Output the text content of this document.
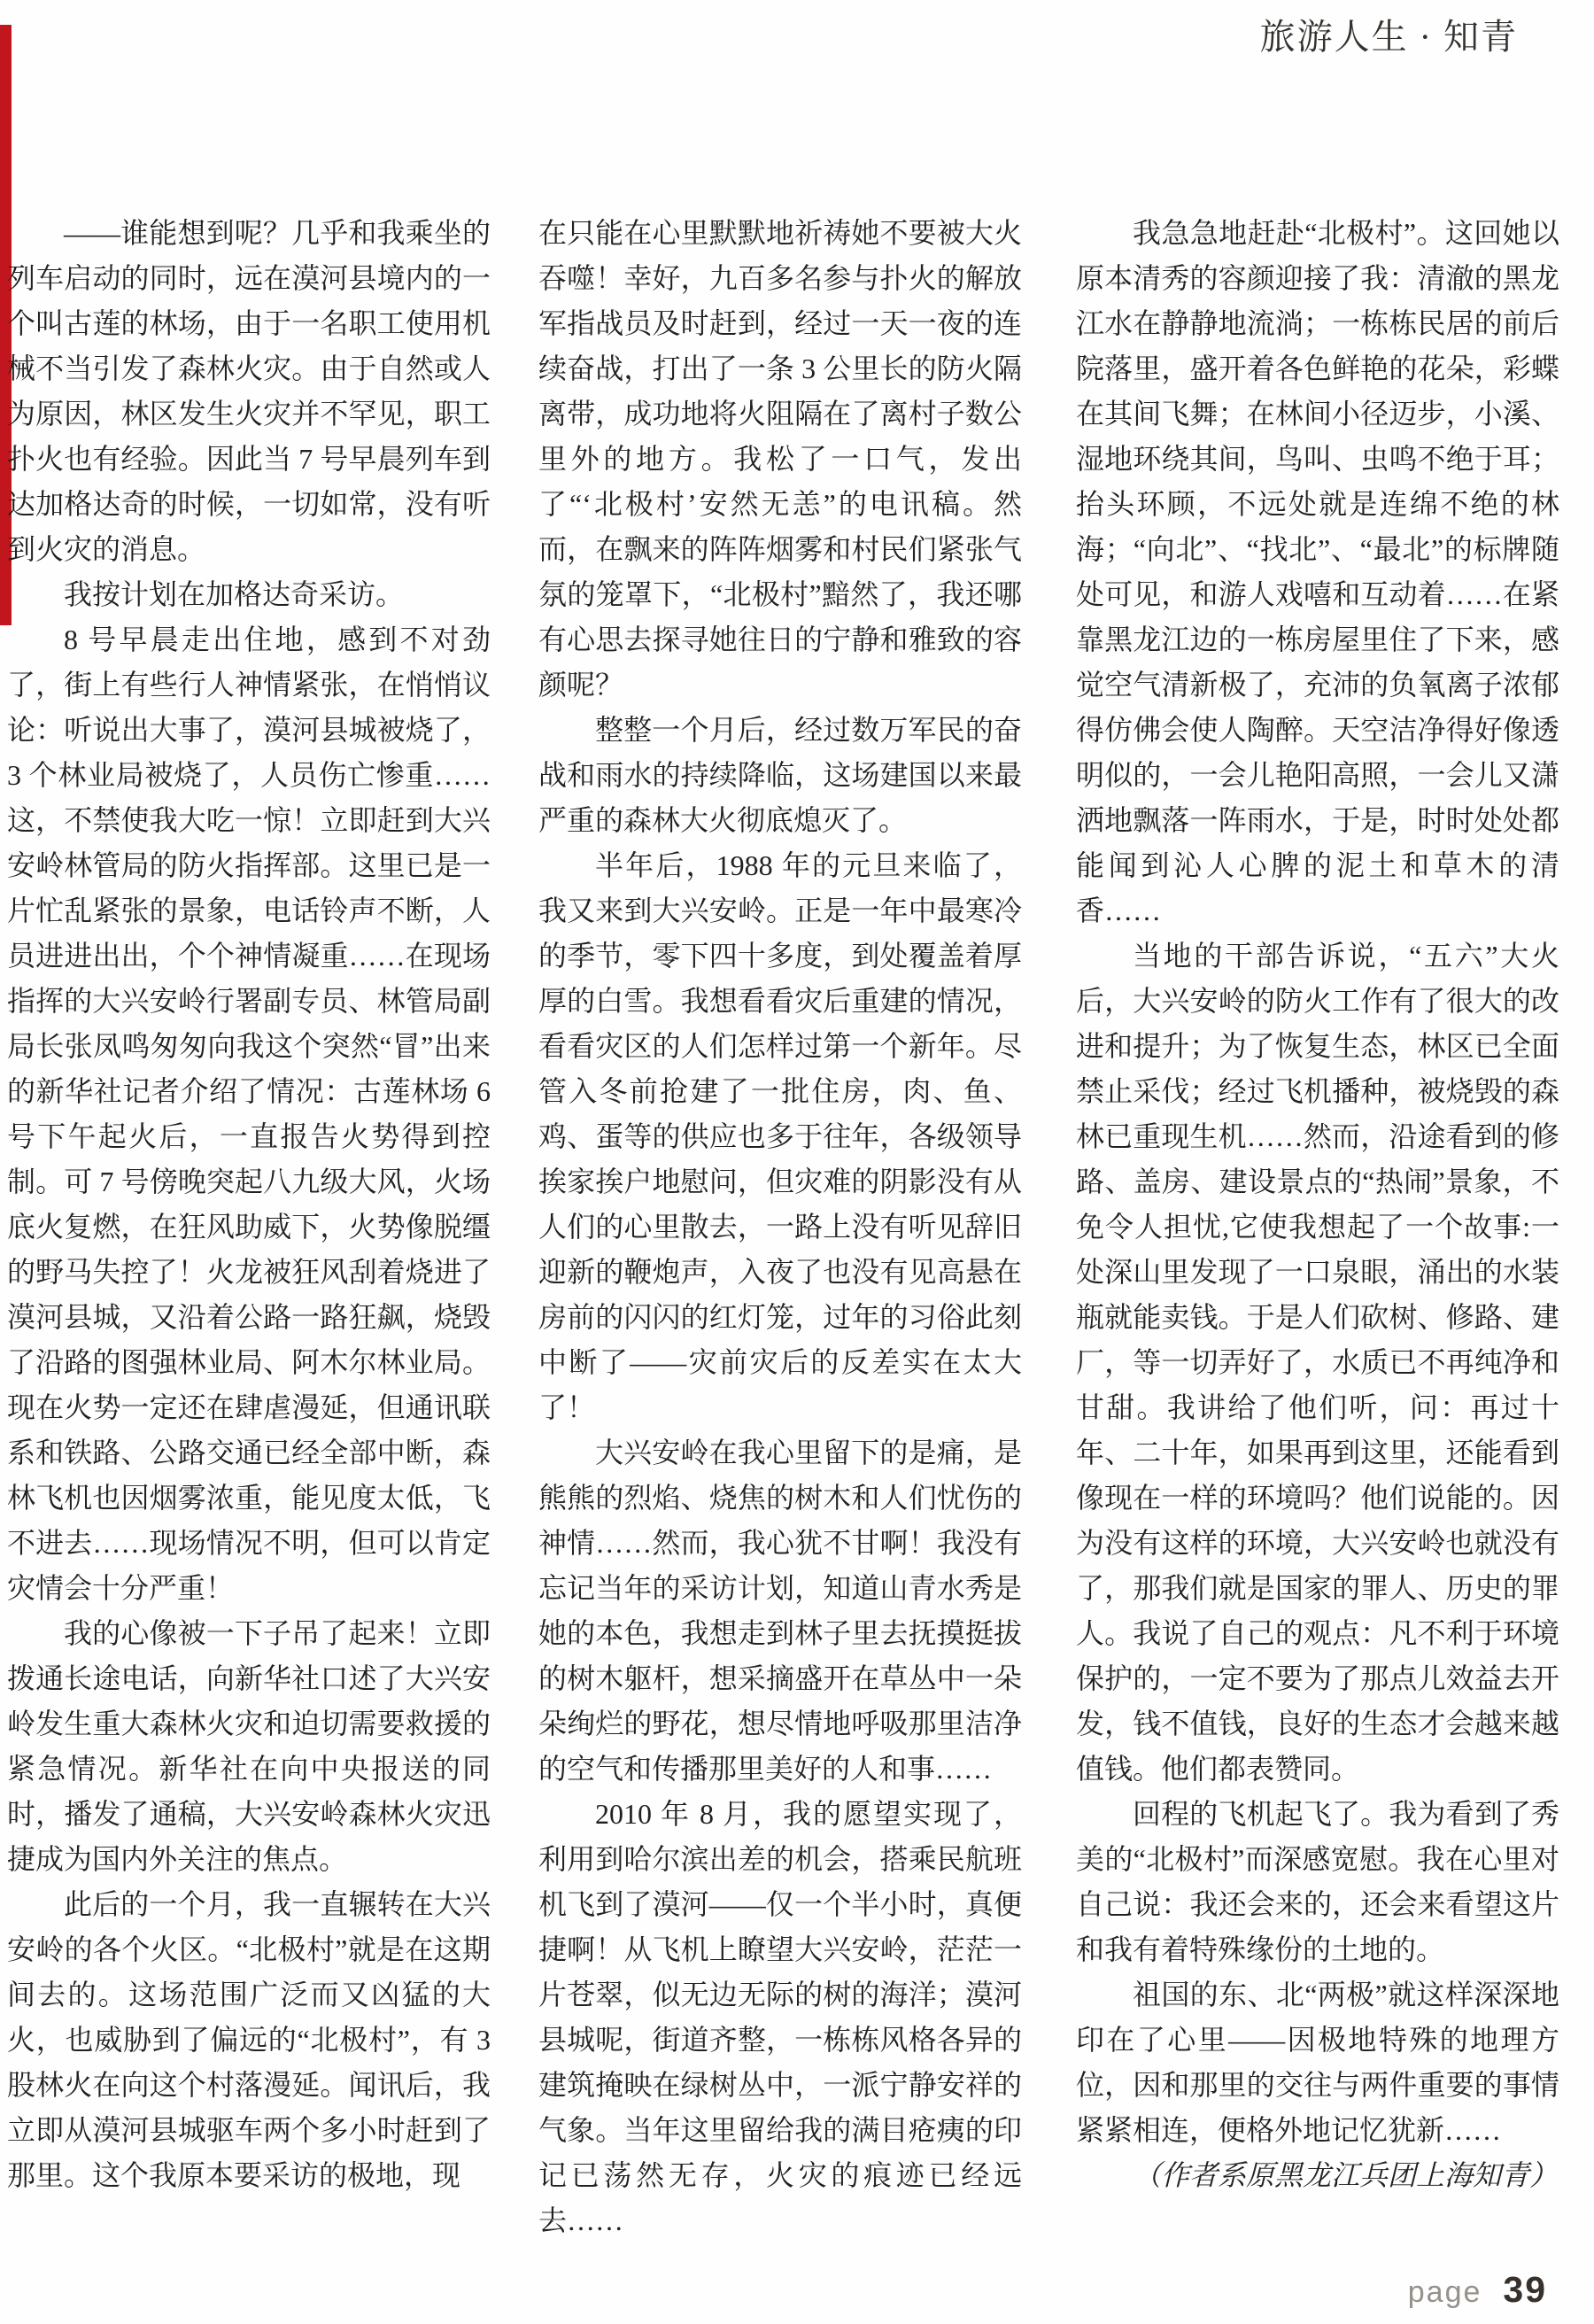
旅游人生 · 知青

——谁能想到呢？几乎和我乘坐的列车启动的同时，远在漠河县境内的一个叫古莲的林场，由于一名职工使用机械不当引发了森林火灾。由于自然或人为原因，林区发生火灾并不罕见，职工扑火也有经验。因此当 7 号早晨列车到达加格达奇的时候，一切如常，没有听到火灾的消息。

我按计划在加格达奇采访。

8 号早晨走出住地，感到不对劲了，街上有些行人神情紧张，在悄悄议论：听说出大事了，漠河县城被烧了，3 个林业局被烧了，人员伤亡惨重……这，不禁使我大吃一惊！立即赶到大兴安岭林管局的防火指挥部。这里已是一片忙乱紧张的景象，电话铃声不断，人员进进出出，个个神情凝重……在现场指挥的大兴安岭行署副专员、林管局副局长张凤鸣匆匆向我这个突然“冒”出来的新华社记者介绍了情况：古莲林场 6 号下午起火后，一直报告火势得到控制。可 7 号傍晚突起八九级大风，火场底火复燃，在狂风助威下，火势像脱缰的野马失控了！火龙被狂风刮着烧进了漠河县城，又沿着公路一路狂飙，烧毁了沿路的图强林业局、阿木尔林业局。现在火势一定还在肆虐漫延，但通讯联系和铁路、公路交通已经全部中断，森林飞机也因烟雾浓重，能见度太低，飞不进去……现场情况不明，但可以肯定灾情会十分严重！

我的心像被一下子吊了起来！立即拨通长途电话，向新华社口述了大兴安岭发生重大森林火灾和迫切需要救援的紧急情况。新华社在向中央报送的同时，播发了通稿，大兴安岭森林火灾迅捷成为国内外关注的焦点。

此后的一个月，我一直辗转在大兴安岭的各个火区。“北极村”就是在这期间去的。这场范围广泛而又凶猛的大火，也威胁到了偏远的“北极村”，有 3 股林火在向这个村落漫延。闻讯后，我立即从漠河县城驱车两个多小时赶到了那里。这个我原本要采访的极地，现

在只能在心里默默地祈祷她不要被大火吞噬！幸好，九百多名参与扑火的解放军指战员及时赶到，经过一天一夜的连续奋战，打出了一条 3 公里长的防火隔离带，成功地将火阻隔在了离村子数公里外的地方。我松了一口气，发出了“‘北极村’安然无恙”的电讯稿。然而，在飘来的阵阵烟雾和村民们紧张气氛的笼罩下，“北极村”黯然了，我还哪有心思去探寻她往日的宁静和雅致的容颜呢？

整整一个月后，经过数万军民的奋战和雨水的持续降临，这场建国以来最严重的森林大火彻底熄灭了。

半年后，1988 年的元旦来临了，我又来到大兴安岭。正是一年中最寒冷的季节，零下四十多度，到处覆盖着厚厚的白雪。我想看看灾后重建的情况，看看灾区的人们怎样过第一个新年。尽管入冬前抢建了一批住房，肉、鱼、鸡、蛋等的供应也多于往年，各级领导挨家挨户地慰问，但灾难的阴影没有从人们的心里散去，一路上没有听见辞旧迎新的鞭炮声，入夜了也没有见高悬在房前的闪闪的红灯笼，过年的习俗此刻中断了——灾前灾后的反差实在太大了！

大兴安岭在我心里留下的是痛，是熊熊的烈焰、烧焦的树木和人们忧伤的神情……然而，我心犹不甘啊！我没有忘记当年的采访计划，知道山青水秀是她的本色，我想走到林子里去抚摸挺拔的树木躯杆，想采摘盛开在草丛中一朵朵绚烂的野花，想尽情地呼吸那里洁净的空气和传播那里美好的人和事……

2010 年 8 月，我的愿望实现了，利用到哈尔滨出差的机会，搭乘民航班机飞到了漠河——仅一个半小时，真便捷啊！从飞机上瞭望大兴安岭，茫茫一片苍翠，似无边无际的树的海洋；漠河县城呢，街道齐整，一栋栋风格各异的建筑掩映在绿树丛中，一派宁静安祥的气象。当年这里留给我的满目疮痍的印记已荡然无存，火灾的痕迹已经远去……

我急急地赶赴“北极村”。这回她以原本清秀的容颜迎接了我：清澈的黑龙江水在静静地流淌；一栋栋民居的前后院落里，盛开着各色鲜艳的花朵，彩蝶在其间飞舞；在林间小径迈步，小溪、湿地环绕其间，鸟叫、虫鸣不绝于耳；抬头环顾，不远处就是连绵不绝的林海；“向北”、“找北”、“最北”的标牌随处可见，和游人戏嘻和互动着……在紧靠黑龙江边的一栋房屋里住了下来，感觉空气清新极了，充沛的负氧离子浓郁得仿佛会使人陶醉。天空洁净得好像透明似的，一会儿艳阳高照，一会儿又潇洒地飘落一阵雨水，于是，时时处处都能闻到沁人心脾的泥土和草木的清香……

当地的干部告诉说，“五六”大火后，大兴安岭的防火工作有了很大的改进和提升；为了恢复生态，林区已全面禁止采伐；经过飞机播种，被烧毁的森林已重现生机……然而，沿途看到的修路、盖房、建设景点的“热闹”景象，不免令人担忧,它使我想起了一个故事:一处深山里发现了一口泉眼，涌出的水装瓶就能卖钱。于是人们砍树、修路、建厂，等一切弄好了，水质已不再纯净和甘甜。我讲给了他们听，问：再过十年、二十年，如果再到这里，还能看到像现在一样的环境吗？他们说能的。因为没有这样的环境，大兴安岭也就没有了，那我们就是国家的罪人、历史的罪人。我说了自己的观点：凡不利于环境保护的，一定不要为了那点儿效益去开发，钱不值钱，良好的生态才会越来越值钱。他们都表赞同。

回程的飞机起飞了。我为看到了秀美的“北极村”而深感宽慰。我在心里对自己说：我还会来的，还会来看望这片和我有着特殊缘份的土地的。

祖国的东、北“两极”就这样深深地印在了心里——因极地特殊的地理方位，因和那里的交往与两件重要的事情紧紧相连，便格外地记忆犹新……

（作者系原黑龙江兵团上海知青）

page 39
